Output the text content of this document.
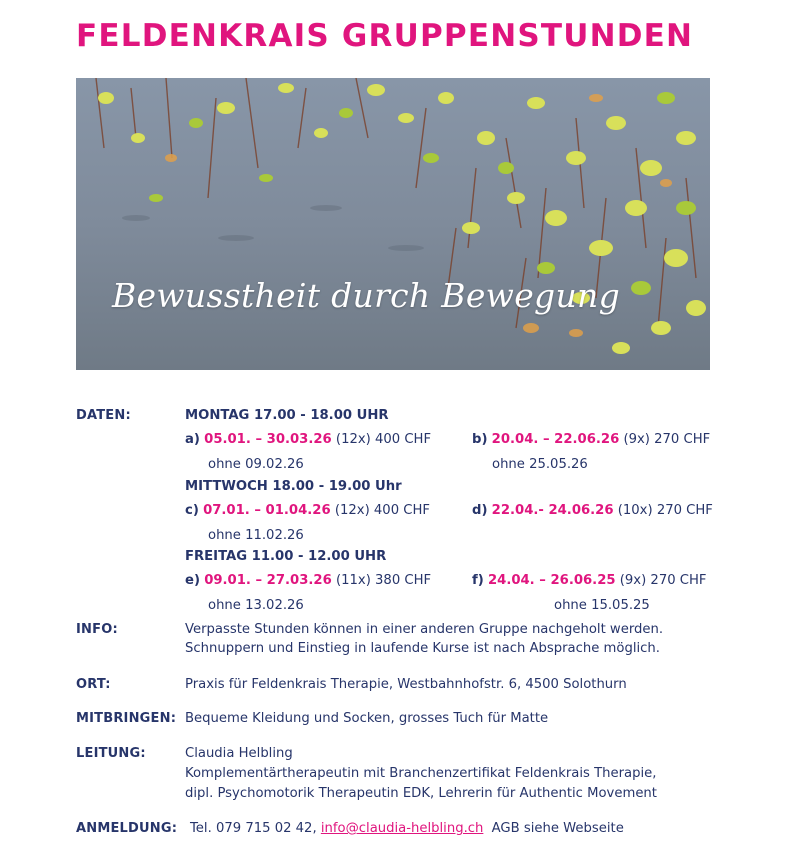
FELDENKRAIS GRUPPENSTUNDEN
Bewusstheit durch Bewegung
DATEN:	MONTAG 17.00 - 18.00 UHR
a) 05.01. – 30.03.26 (12x) 400 CHF
ohne 09.02.26
b) 20.04. – 22.06.26 (9x) 270 CHF
ohne 25.05.26
MITTWOCH 18.00 - 19.00 Uhr
c) 07.01. – 01.04.26 (12x) 400 CHF
ohne 11.02.26
d) 22.04.- 24.06.26 (10x) 270 CHF
FREITAG 11.00 - 12.00 UHR
e) 09.01. – 27.03.26 (11x) 380 CHF
ohne 13.02.26
f) 24.04. – 26.06.25 (9x) 270 CHF
ohne 15.05.25
INFO:	Verpasste Stunden können in einer anderen Gruppe nachgeholt werden.
Schnuppern und Einstieg in laufende Kurse ist nach Absprache möglich.
ORT:	Praxis für Feldenkrais Therapie, Westbahnhofstr. 6, 4500 Solothurn
MITBRINGEN: Bequeme Kleidung und Socken, grosses Tuch für Matte
LEITUNG:	Claudia Helbling
Komplementärtherapeutin mit Branchenzertifikat Feldenkrais Therapie,
dipl. Psychomotorik Therapeutin EDK, Lehrerin für Authentic Movement
ANMELDUNG: Tel. 079 715 02 42, info@claudia-helbling.ch AGB siehe Webseite
